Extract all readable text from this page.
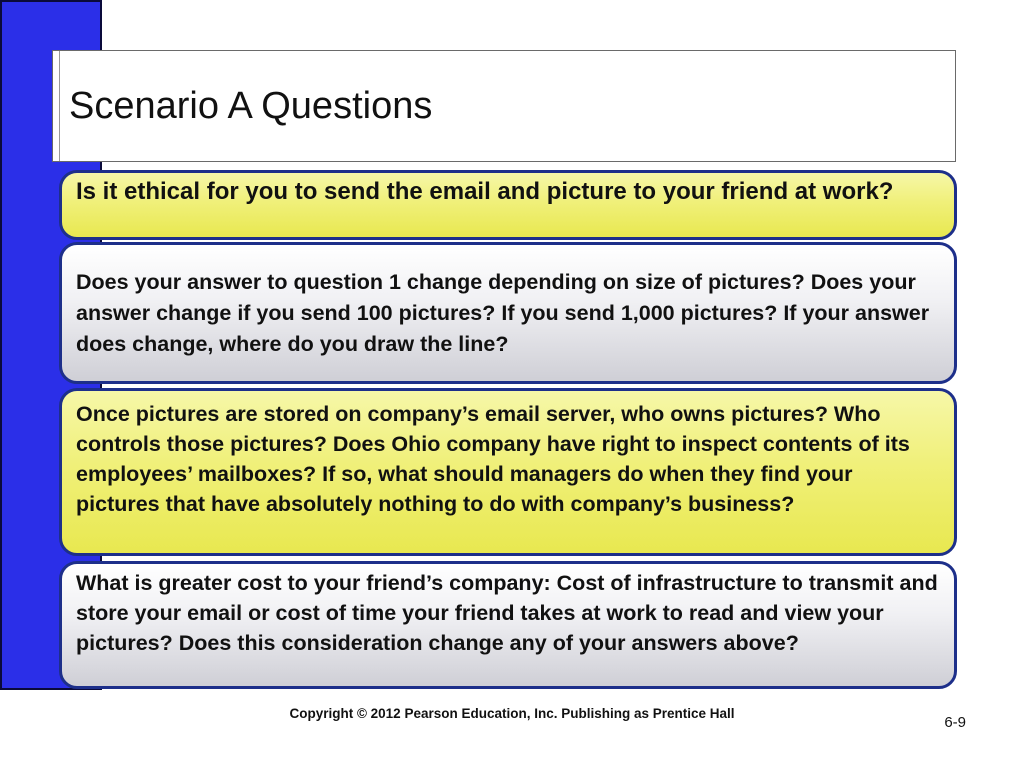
Scenario A Questions
Is it ethical for you to send the email and picture to your friend at work?
Does your answer to question 1 change depending on size of pictures? Does your answer change if you send 100 pictures? If you send 1,000 pictures? If your answer does change, where do you draw the line?
Once pictures are stored on company’s email server, who owns pictures? Who controls those pictures? Does Ohio company have right to inspect contents of its employees’ mailboxes? If so, what should managers do when they find your pictures that have absolutely nothing to do with company’s business?
What is greater cost to your friend’s company: Cost of infrastructure to transmit and store your email or cost of time your friend takes at work to read and view your pictures? Does this consideration change any of your answers above?
Copyright © 2012 Pearson Education, Inc. Publishing as Prentice Hall
6-9
